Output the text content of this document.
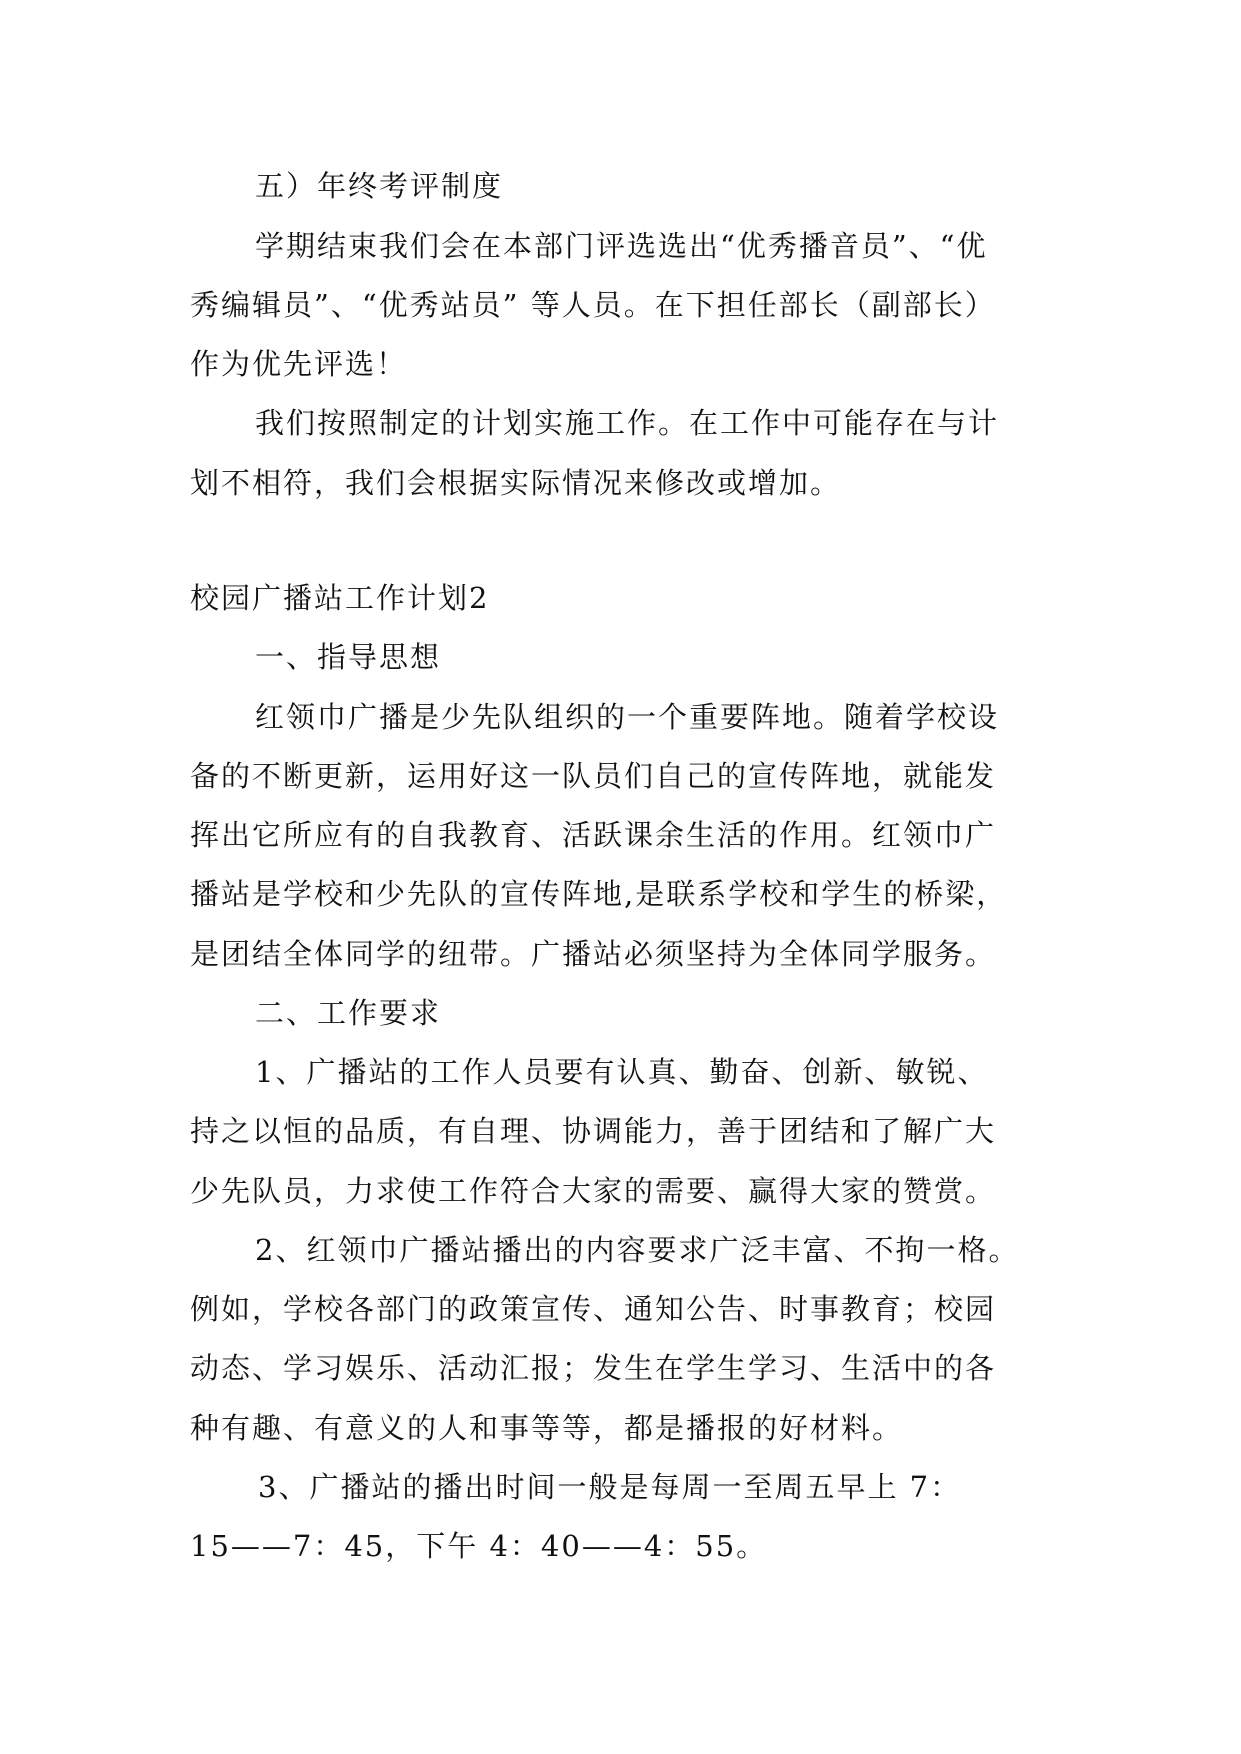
五）年终考评制度
学期结束我们会在本部门评选选出“优秀播音员”、“优
秀编辑员”、“优秀站员” 等人员。在下担任部长（副部长）
作为优先评选！
我们按照制定的计划实施工作。在工作中可能存在与计
划不相符，我们会根据实际情况来修改或增加。
校园广播站工作计划2
一、指导思想
红领巾广播是少先队组织的一个重要阵地。随着学校设
备的不断更新，运用好这一队员们自己的宣传阵地，就能发
挥出它所应有的自我教育、活跃课余生活的作用。红领巾广
播站是学校和少先队的宣传阵地,是联系学校和学生的桥梁，
是团结全体同学的纽带。广播站必须坚持为全体同学服务。
二、工作要求
1、广播站的工作人员要有认真、勤奋、创新、敏锐、
持之以恒的品质，有自理、协调能力，善于团结和了解广大
少先队员，力求使工作符合大家的需要、赢得大家的赞赏。
2、红领巾广播站播出的内容要求广泛丰富、不拘一格。
例如，学校各部门的政策宣传、通知公告、时事教育；校园
动态、学习娱乐、活动汇报；发生在学生学习、生活中的各
种有趣、有意义的人和事等等，都是播报的好材料。
3、广播站的播出时间一般是每周一至周五早上 7：
15——7：45，下午 4：40——4：55。
